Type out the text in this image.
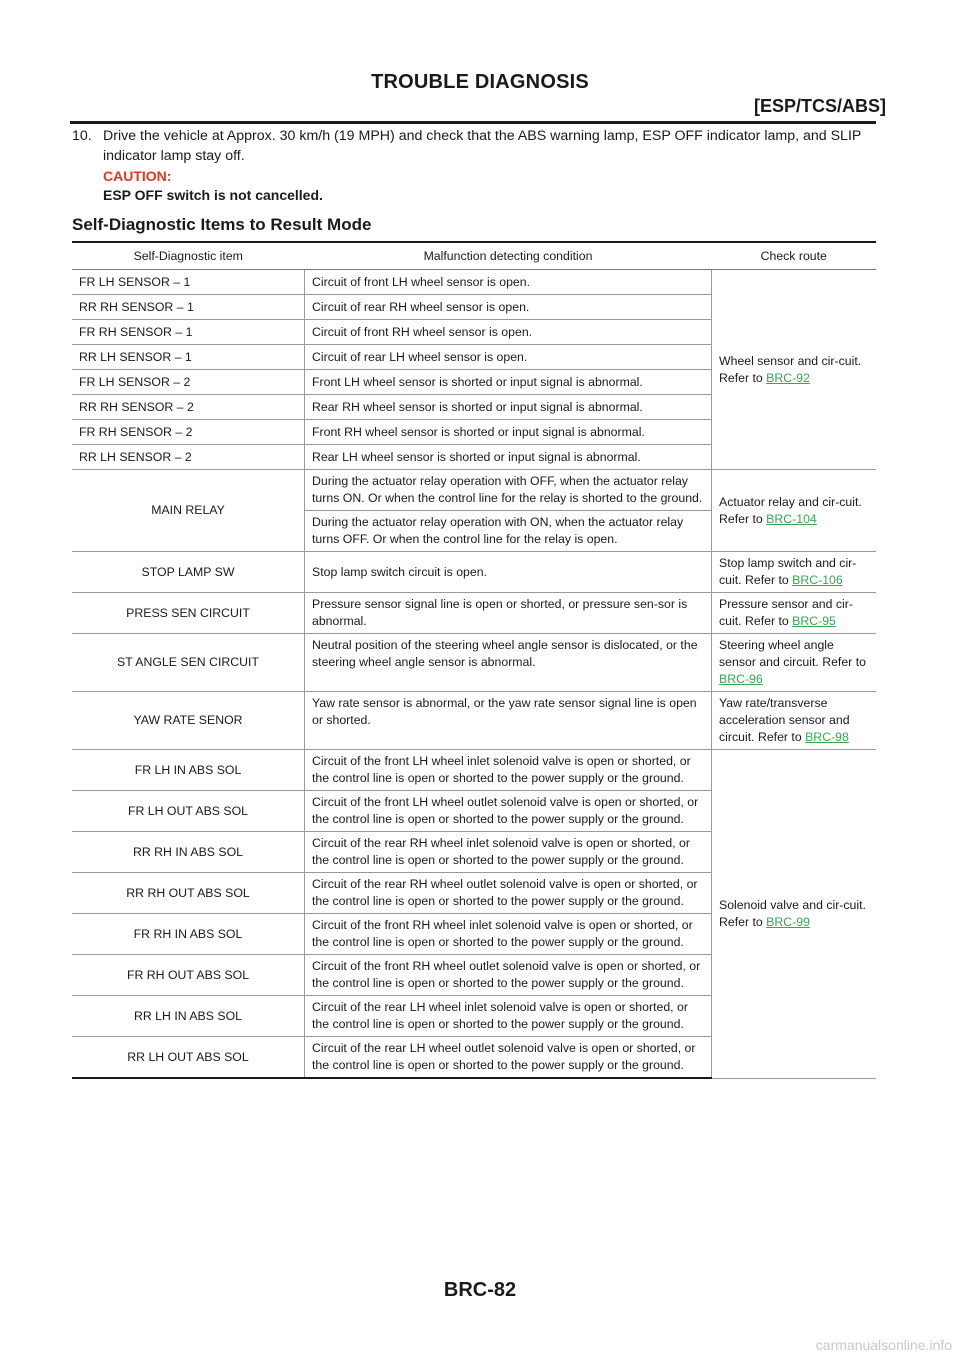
TROUBLE DIAGNOSIS
[ESP/TCS/ABS]
10. Drive the vehicle at Approx. 30 km/h (19 MPH) and check that the ABS warning lamp, ESP OFF indicator lamp, and SLIP indicator lamp stay off.
CAUTION:
ESP OFF switch is not cancelled.
Self-Diagnostic Items to Result Mode
Self-Diagnostic item	Malfunction detecting condition	Check route
FR LH SENSOR – 1	Circuit of front LH wheel sensor is open.	Wheel sensor and cir-cuit. Refer to BRC-92
RR RH SENSOR – 1	Circuit of rear RH wheel sensor is open.	
FR RH SENSOR – 1	Circuit of front RH wheel sensor is open.	
RR LH SENSOR – 1	Circuit of rear LH wheel sensor is open.	
FR LH SENSOR – 2	Front LH wheel sensor is shorted or input signal is abnormal.	
RR RH SENSOR – 2	Rear RH wheel sensor is shorted or input signal is abnormal.	
FR RH SENSOR – 2	Front RH wheel sensor is shorted or input signal is abnormal.	
RR LH SENSOR – 2	Rear LH wheel sensor is shorted or input signal is abnormal.	
MAIN RELAY	During the actuator relay operation with OFF, when the actuator relay turns ON. Or when the control line for the relay is shorted to the ground.	Actuator relay and cir-cuit. Refer to BRC-104
	During the actuator relay operation with ON, when the actuator relay turns OFF. Or when the control line for the relay is open.	
STOP LAMP SW	Stop lamp switch circuit is open.	Stop lamp switch and cir-cuit. Refer to BRC-106
PRESS SEN CIRCUIT	Pressure sensor signal line is open or shorted, or pressure sen-sor is abnormal.	Pressure sensor and cir-cuit. Refer to BRC-95
ST ANGLE SEN CIRCUIT	Neutral position of the steering wheel angle sensor is dislocated, or the steering wheel angle sensor is abnormal.	Steering wheel angle sensor and circuit. Refer to BRC-96
YAW RATE SENOR	Yaw rate sensor is abnormal, or the yaw rate sensor signal line is open or shorted.	Yaw rate/transverse acceleration sensor and circuit. Refer to BRC-98
FR LH IN ABS SOL	Circuit of the front LH wheel inlet solenoid valve is open or shorted, or the control line is open or shorted to the power supply or the ground.	Solenoid valve and cir-cuit. Refer to BRC-99
FR LH OUT ABS SOL	Circuit of the front LH wheel outlet solenoid valve is open or shorted, or the control line is open or shorted to the power supply or the ground.	
RR RH IN ABS SOL	Circuit of the rear RH wheel inlet solenoid valve is open or shorted, or the control line is open or shorted to the power supply or the ground.	
RR RH OUT ABS SOL	Circuit of the rear RH wheel outlet solenoid valve is open or shorted, or the control line is open or shorted to the power supply or the ground.	
FR RH IN ABS SOL	Circuit of the front RH wheel inlet solenoid valve is open or shorted, or the control line is open or shorted to the power supply or the ground.	
FR RH OUT ABS SOL	Circuit of the front RH wheel outlet solenoid valve is open or shorted, or the control line is open or shorted to the power supply or the ground.	
RR LH IN ABS SOL	Circuit of the rear LH wheel inlet solenoid valve is open or shorted, or the control line is open or shorted to the power supply or the ground.	
RR LH OUT ABS SOL	Circuit of the rear LH wheel outlet solenoid valve is open or shorted, or the control line is open or shorted to the power supply or the ground.	
BRC-82
carmanualsonline.info
